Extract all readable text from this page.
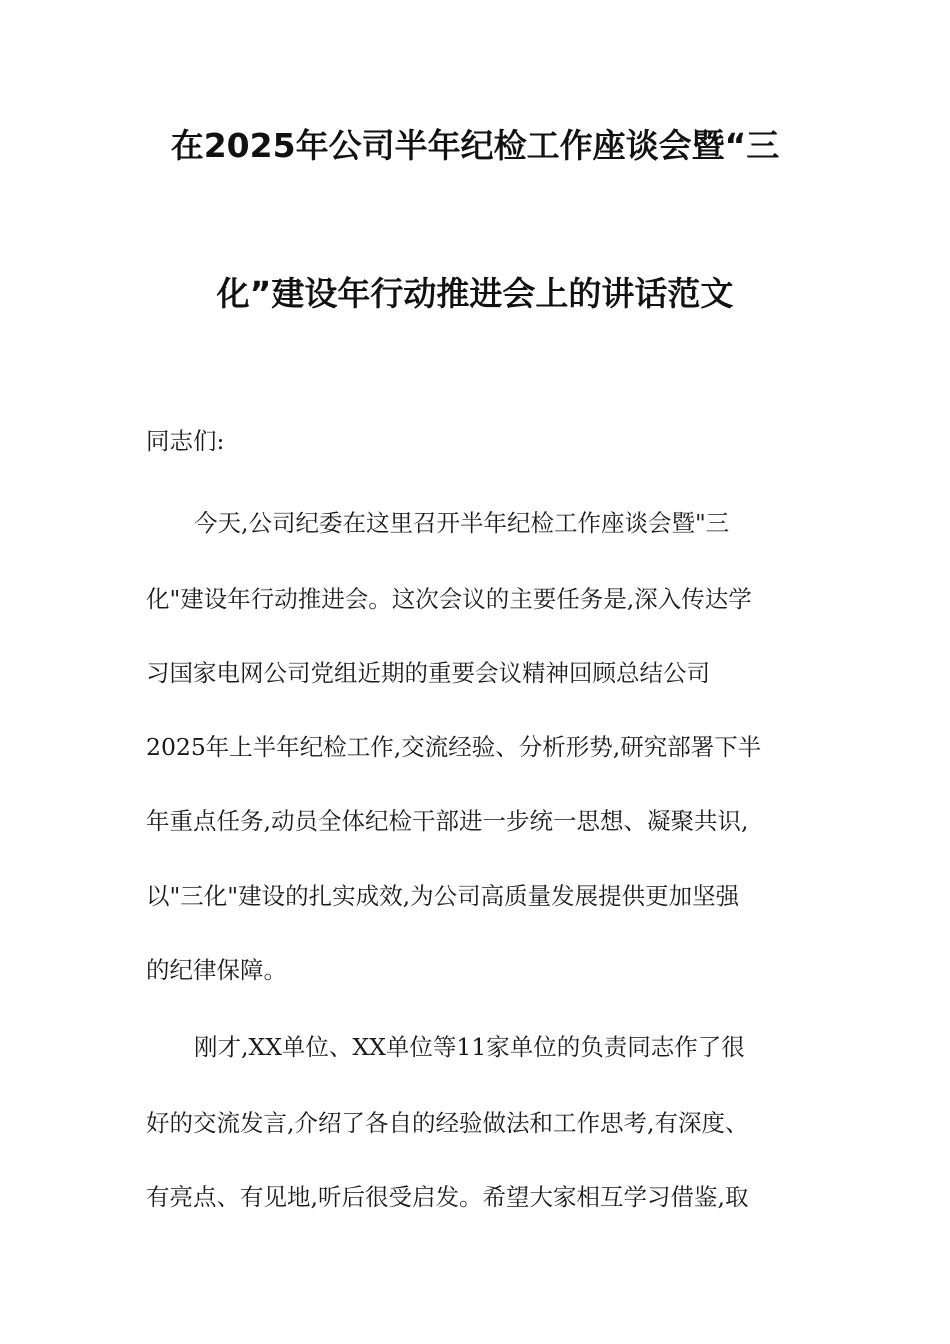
在2025年公司半年纪检工作座谈会暨“三
化”建设年行动推进会上的讲话范文
同志们:
今天,公司纪委在这里召开半年纪检工作座谈会暨"三
化"建设年行动推进会。这次会议的主要任务是,深入传达学
习国家电网公司党组近期的重要会议精神回顾总结公司
2025年上半年纪检工作,交流经验、分析形势,研究部署下半
年重点任务,动员全体纪检干部进一步统一思想、凝聚共识,
以"三化"建设的扎实成效,为公司高质量发展提供更加坚强
的纪律保障。
刚才,XX单位、XX单位等11家单位的负责同志作了很
好的交流发言,介绍了各自的经验做法和工作思考,有深度、
有亮点、有见地,听后很受启发。希望大家相互学习借鉴,取
